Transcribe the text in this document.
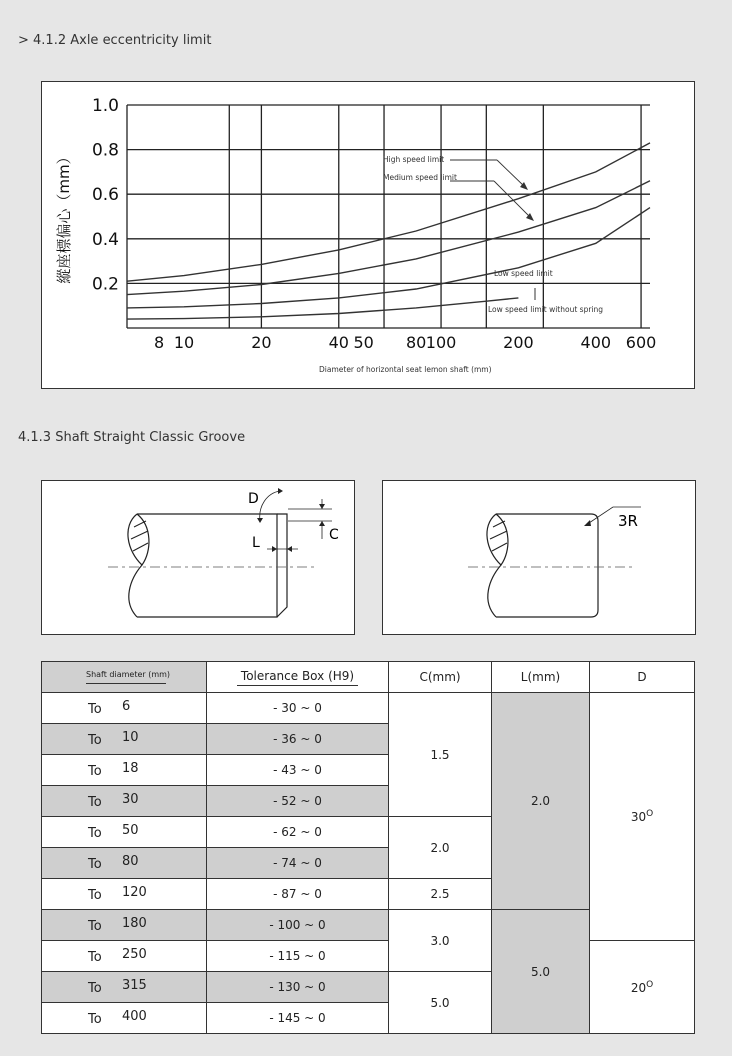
> 4.1.2 Axle eccentricity limit
1.0
0.8
0.6
0.4
0.2
8 10	20	40 50 80 100	200	400 600
High speed limit
Medium speed limit
Low speed limit
Low speed limit without spring
縱座標偏心（mm）
Diameter of horizontal seat lemon shaft (mm)
4.1.3 Shaft Straight Classic Groove
D
C
L
3R
Shaft diameter (mm)	Tolerance Box (H9)	C(mm)	L(mm)	D

To 6	- 30 ~ 0	1.5	2.0	$30^O$

To 10	- 36 ~ 0			

To 18	- 43 ~ 0			

To 30	- 52 ~ 0			

To 50	- 62 ~ 0	2.0		

To 80	- 74 ~ 0			

To 120	- 87 ~ 0	2.5		

To 180	- 100 ~ 0	3.0	5.0	

To 250	- 115 ~ 0			$20^O$

To 315	- 130 ~ 0	5.0		

To 400	- 145 ~ 0			
